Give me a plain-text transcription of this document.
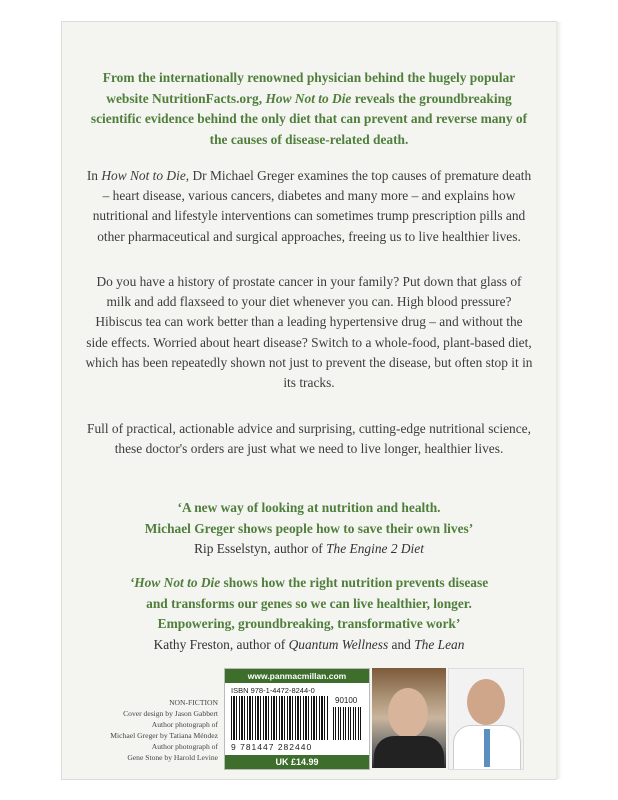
From the internationally renowned physician behind the hugely popular website NutritionFacts.org, How Not to Die reveals the groundbreaking scientific evidence behind the only diet that can prevent and reverse many of the causes of disease-related death.
In How Not to Die, Dr Michael Greger examines the top causes of premature death – heart disease, various cancers, diabetes and many more – and explains how nutritional and lifestyle interventions can sometimes trump prescription pills and other pharmaceutical and surgical approaches, freeing us to live healthier lives.
Do you have a history of prostate cancer in your family? Put down that glass of milk and add flaxseed to your diet whenever you can. High blood pressure? Hibiscus tea can work better than a leading hypertensive drug – and without the side effects. Worried about heart disease? Switch to a whole-food, plant-based diet, which has been repeatedly shown not just to prevent the disease, but often stop it in its tracks.
Full of practical, actionable advice and surprising, cutting-edge nutritional science, these doctor's orders are just what we need to live longer, healthier lives.
‘A new way of looking at nutrition and health.
Michael Greger shows people how to save their own lives’
Rip Esselstyn, author of The Engine 2 Diet
‘How Not to Die shows how the right nutrition prevents disease
and transforms our genes so we can live healthier, longer.
Empowering, groundbreaking, transformative work’
Kathy Freston, author of Quantum Wellness and The Lean
NON-FICTION
Cover design by Jason Gabbert
Author photograph of
Michael Greger by Tatiana Méndez
Author photograph of
Gene Stone by Harold Levine
www.panmacmillan.com
ISBN 978-1-4472-8244-0
90100
9 781447 282440
UK £14.99
